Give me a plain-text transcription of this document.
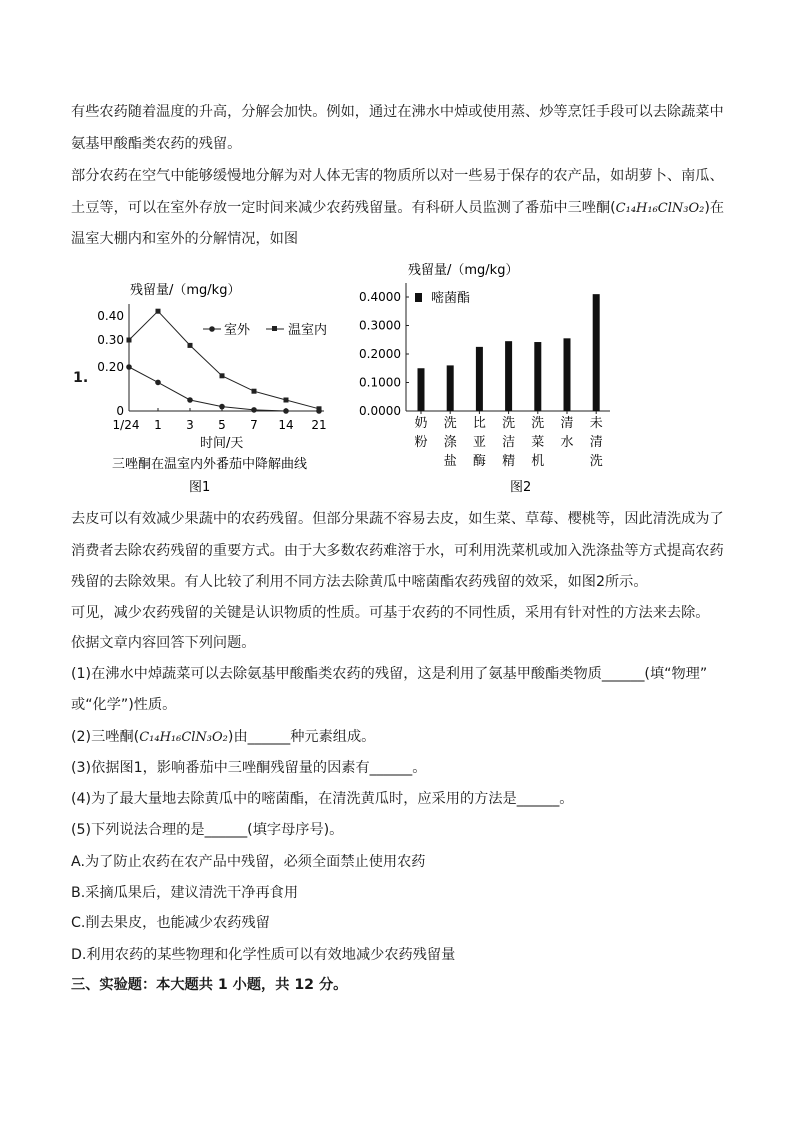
有些农药随着温度的升高，分解会加快。例如，通过在沸水中焯或使用蒸、炒等烹饪手段可以去除蔬菜中
氨基甲酸酯类农药的残留。
部分农药在空气中能够缓慢地分解为对人体无害的物质所以对一些易于保存的农产品，如胡萝卜、南瓜、
土豆等，可以在室外存放一定时间来减少农药残留量。有科研人员监测了番茄中三唑酮(C₁₄H₁₆ClN₃O₂)在
温室大棚内和室外的分解情况，如图
1.
残留量/（mg/kg）
0
0.20
0.30
0.40
1/24 1 3 5 7 14 21
室外	温室内
时间/天
三唑酮在温室内外番茄中降解曲线
图1
残留量/（mg/kg）
0.0000
0.1000
0.2000
0.3000
0.4000
奶
粉
洗
涤
盐
比
亚
酶
洗
洁
精
洗
菜
机
清
水
未
清
洗
嘧菌酯
图2
去皮可以有效减少果蔬中的农药残留。但部分果蔬不容易去皮，如生菜、草莓、樱桃等，因此清洗成为了
消费者去除农药残留的重要方式。由于大多数农药难溶于水，可利用洗菜机或加入洗涤盐等方式提高农药
残留的去除效果。有人比较了利用不同方法去除黄瓜中嘧菌酯农药残留的效采，如图2所示。
可见，减少农药残留的关键是认识物质的性质。可基于农药的不同性质，采用有针对性的方法来去除。
依据文章内容回答下列问题。
(1)在沸水中焯蔬菜可以去除氨基甲酸酯类农药的残留，这是利用了氨基甲酸酯类物质______(填“物理”
或“化学”)性质。
(2)三唑酮(C₁₄H₁₆ClN₃O₂)由______种元素组成。
(3)依据图1，影响番茄中三唑酮残留量的因素有______。
(4)为了最大量地去除黄瓜中的嘧菌酯，在清洗黄瓜时，应采用的方法是______。
(5)下列说法合理的是______(填字母序号)。
A.为了防止农药在农产品中残留，必须全面禁止使用农药
B.采摘瓜果后，建议清洗干净再食用
C.削去果皮，也能减少农药残留
D.利用农药的某些物理和化学性质可以有效地减少农药残留量
三、实验题：本大题共 1 小题，共 12 分。
